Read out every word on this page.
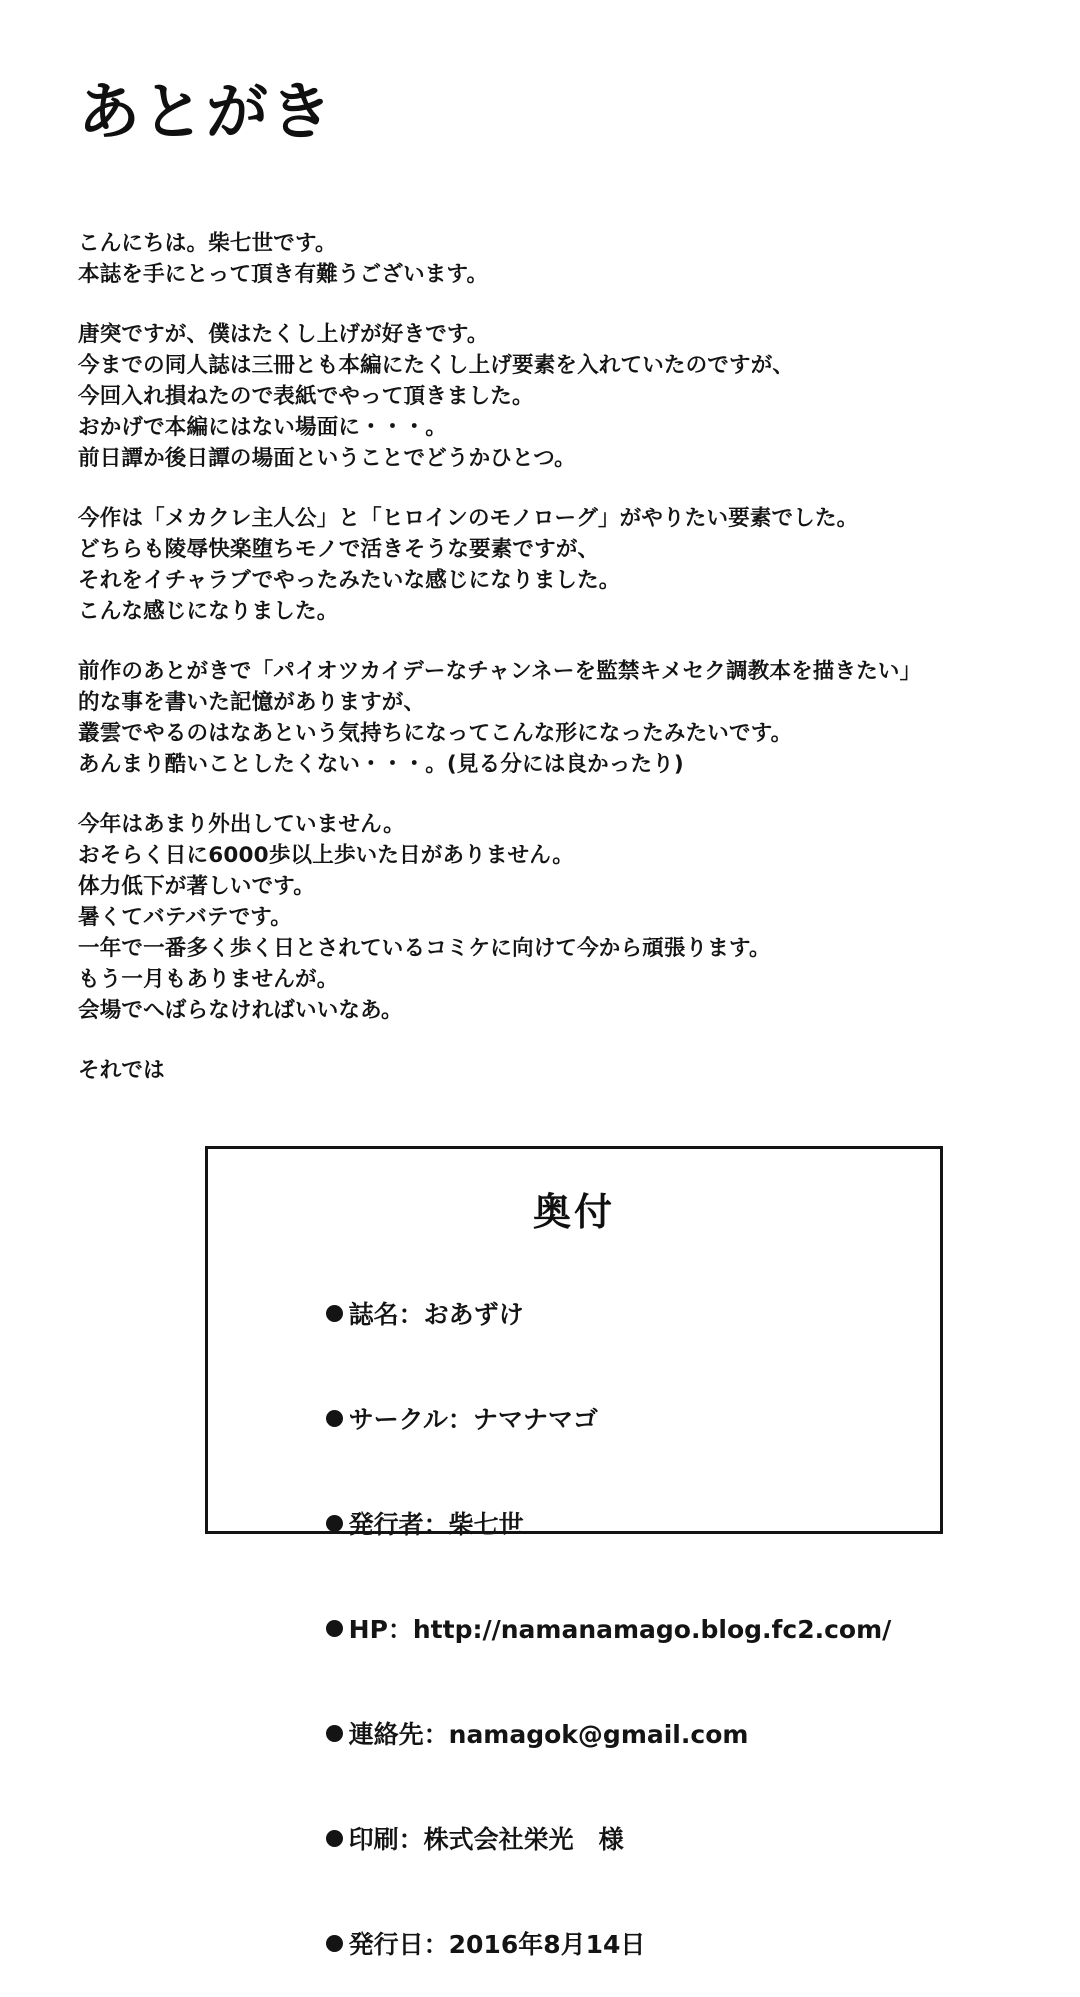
あとがき

こんにちは。柴七世です。
本誌を手にとって頂き有難うございます。

唐突ですが、僕はたくし上げが好きです。
今までの同人誌は三冊とも本編にたくし上げ要素を入れていたのですが、
今回入れ損ねたので表紙でやって頂きました。
おかげで本編にはない場面に・・・。
前日譚か後日譚の場面ということでどうかひとつ。

今作は「メカクレ主人公」と「ヒロインのモノローグ」がやりたい要素でした。
どちらも陵辱快楽堕ちモノで活きそうな要素ですが、
それをイチャラブでやったみたいな感じになりました。
こんな感じになりました。

前作のあとがきで「パイオツカイデーなチャンネーを監禁キメセク調教本を描きたい」
的な事を書いた記憶がありますが、
叢雲でやるのはなあという気持ちになってこんな形になったみたいです。
あんまり酷いことしたくない・・・。(見る分には良かったり)

今年はあまり外出していません。
おそらく日に6000歩以上歩いた日がありません。
体力低下が著しいです。
暑くてバテバテです。
一年で一番多く歩く日とされているコミケに向けて今から頑張ります。
もう一月もありませんが。
会場でへばらなければいいなあ。

それでは

奥付

誌名：おあずけ

サークル：ナマナマゴ

発行者：柴七世

HP：http://namanamago.blog.fc2.com/

連絡先：namagok@gmail.com

印刷：株式会社栄光　様

発行日：2016年8月14日
